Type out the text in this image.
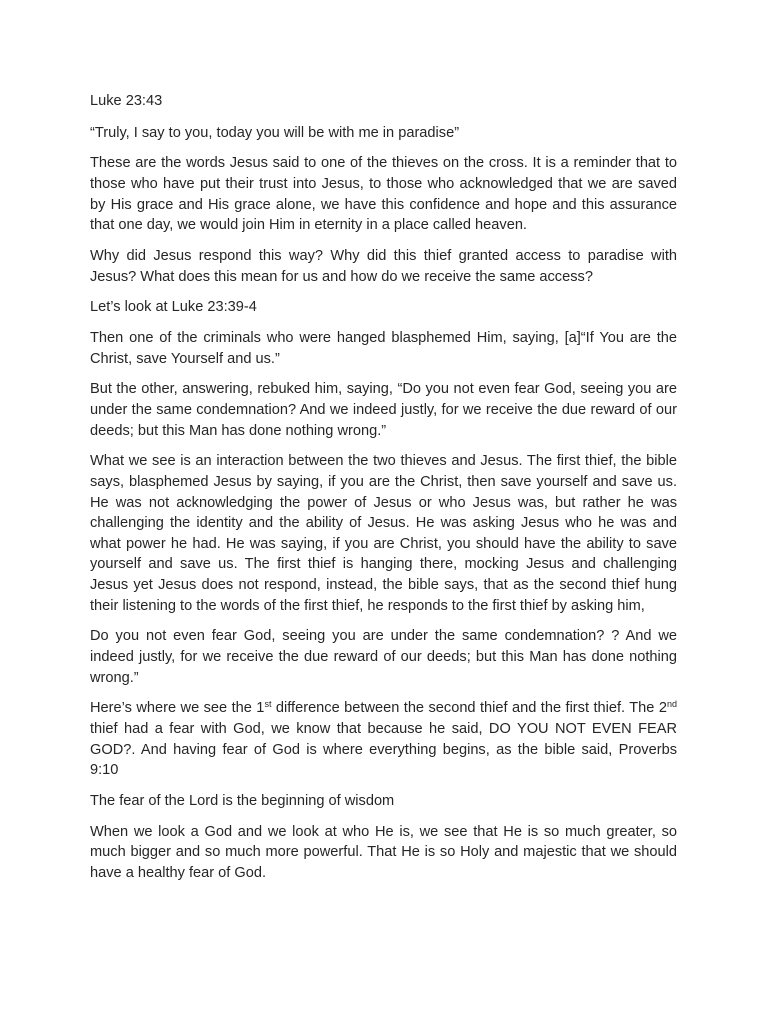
Luke 23:43

“Truly, I say to you, today you will be with me in paradise”

These are the words Jesus said to one of the thieves on the cross. It is a reminder that to those who have put their trust into Jesus, to those who acknowledged that we are saved by His grace and His grace alone, we have this confidence and hope and this assurance that one day, we would join Him in eternity in a place called heaven.

Why did Jesus respond this way? Why did this thief granted access to paradise with Jesus? What does this mean for us and how do we receive the same access?

Let’s look at Luke 23:39-4

Then one of the criminals who were hanged blasphemed Him, saying, [a]“If You are the Christ, save Yourself and us.”

But the other, answering, rebuked him, saying, “Do you not even fear God, seeing you are under the same condemnation? And we indeed justly, for we receive the due reward of our deeds; but this Man has done nothing wrong.”

What we see is an interaction between the two thieves and Jesus. The first thief, the bible says, blasphemed Jesus by saying, if you are the Christ, then save yourself and save us. He was not acknowledging the power of Jesus or who Jesus was, but rather he was challenging the identity and the ability of Jesus. He was asking Jesus who he was and what power he had. He was saying, if you are Christ, you should have the ability to save yourself and save us. The first thief is hanging there, mocking Jesus and challenging Jesus yet Jesus does not respond, instead, the bible says, that as the second thief hung their listening to the words of the first thief, he responds to the first thief by asking him,

Do you not even fear God, seeing you are under the same condemnation? ? And we indeed justly, for we receive the due reward of our deeds; but this Man has done nothing wrong.”

Here’s where we see the 1st difference between the second thief and the first thief. The 2nd thief had a fear with God, we know that because he said, DO YOU NOT EVEN FEAR GOD?. And having fear of God is where everything begins, as the bible said, Proverbs 9:10

The fear of the Lord is the beginning of wisdom

When we look a God and we look at who He is, we see that He is so much greater, so much bigger and so much more powerful. That He is so Holy and majestic that we should have a healthy fear of God.
